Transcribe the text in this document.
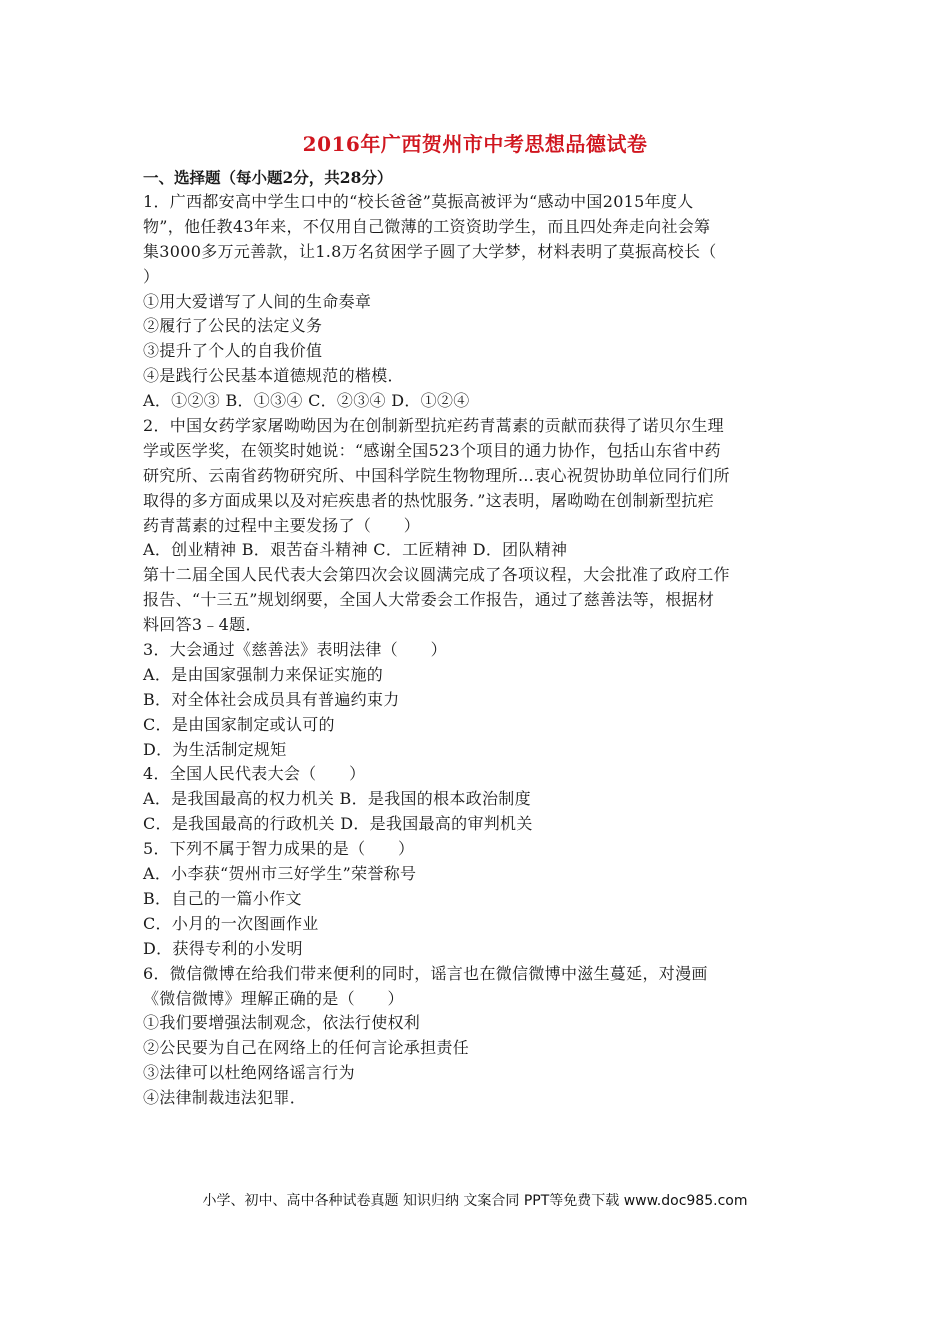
2016年广西贺州市中考思想品德试卷
一、选择题（每小题2分，共28分）
1．广西都安高中学生口中的“校长爸爸”莫振高被评为“感动中国2015年度人
物”，他任教43年来，不仅用自己微薄的工资资助学生，而且四处奔走向社会筹
集3000多万元善款，让1.8万名贫困学子圆了大学梦，材料表明了莫振高校长（
）
①用大爱谱写了人间的生命奏章
②履行了公民的法定义务
③提升了个人的自我价值
④是践行公民基本道德规范的楷模．
A．①②③ B．①③④ C．②③④ D．①②④
2．中国女药学家屠呦呦因为在创制新型抗疟药青蒿素的贡献而获得了诺贝尔生理
学或医学奖，在领奖时她说：“感谢全国523个项目的通力协作，包括山东省中药
研究所、云南省药物研究所、中国科学院生物物理所…衷心祝贺协助单位同行们所
取得的多方面成果以及对疟疾患者的热忱服务．”这表明，屠呦呦在创制新型抗疟
药青蒿素的过程中主要发扬了（　　）
A．创业精神 B．艰苦奋斗精神 C．工匠精神 D．团队精神
第十二届全国人民代表大会第四次会议圆满完成了各项议程，大会批准了政府工作
报告、“十三五”规划纲要，全国人大常委会工作报告，通过了慈善法等，根据材
料回答3﹣4题．
3．大会通过《慈善法》表明法律（　　）
A．是由国家强制力来保证实施的
B．对全体社会成员具有普遍约束力
C．是由国家制定或认可的
D．为生活制定规矩
4．全国人民代表大会（　　）
A．是我国最高的权力机关 B．是我国的根本政治制度
C．是我国最高的行政机关 D．是我国最高的审判机关
5．下列不属于智力成果的是（　　）
A．小李获“贺州市三好学生”荣誉称号
B．自己的一篇小作文
C．小月的一次图画作业
D．获得专利的小发明
6．微信微博在给我们带来便利的同时，谣言也在微信微博中滋生蔓延，对漫画
《微信微博》理解正确的是（　　）
①我们要增强法制观念，依法行使权利
②公民要为自己在网络上的任何言论承担责任
③法律可以杜绝网络谣言行为
④法律制裁违法犯罪．
小学、初中、高中各种试卷真题 知识归纳 文案合同 PPT等免费下载 www.doc985.com
